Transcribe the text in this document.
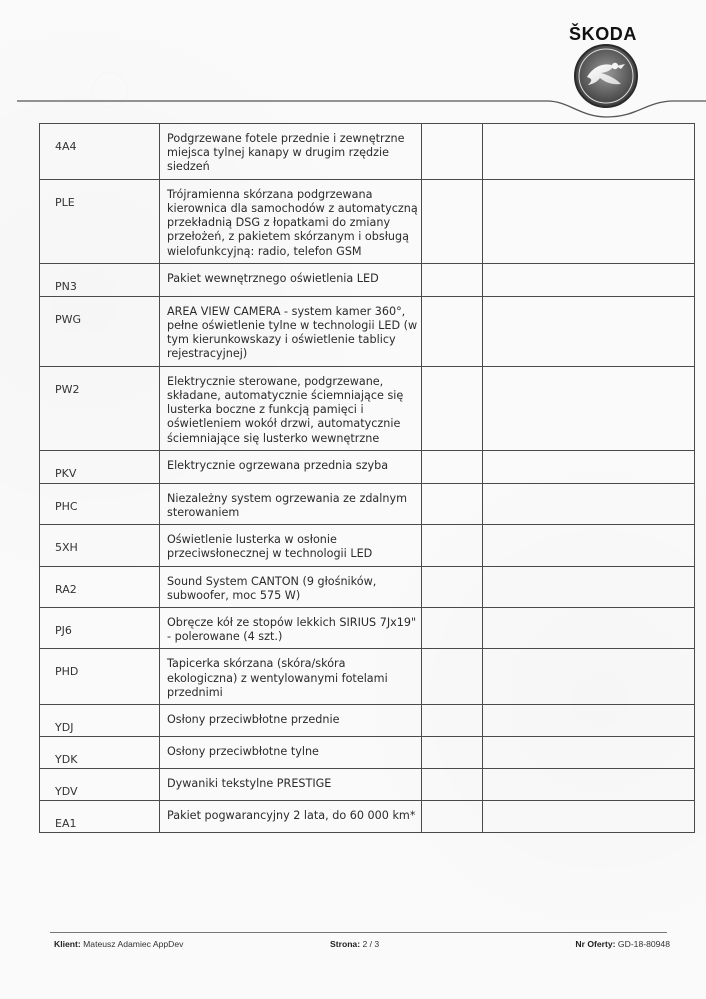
ŠKODA
4A4	Podgrzewane fotele przednie i zewnętrzne miejsca tylnej kanapy w drugim rzędzie siedzeń		
PLE	Trójramienna skórzana podgrzewana kierownica dla samochodów z automatyczną przekładnią DSG z łopatkami do zmiany przełożeń, z pakietem skórzanym i obsługą wielofunkcyjną: radio, telefon GSM		
PN3	Pakiet wewnętrznego oświetlenia LED		
PWG	AREA VIEW CAMERA - system kamer 360°, pełne oświetlenie tylne w technologii LED (w tym kierunkowskazy i oświetlenie tablicy rejestracyjnej)		
PW2	Elektrycznie sterowane, podgrzewane, składane, automatycznie ściemniające się lusterka boczne z funkcją pamięci i oświetleniem wokół drzwi, automatycznie ściemniające się lusterko wewnętrzne		
PKV	Elektrycznie ogrzewana przednia szyba		
PHC	Niezależny system ogrzewania ze zdalnym sterowaniem		
5XH	Oświetlenie lusterka w osłonie przeciwsłonecznej w technologii LED		
RA2	Sound System CANTON (9 głośników, subwoofer, moc 575 W)		
PJ6	Obręcze kół ze stopów lekkich SIRIUS 7Jx19" - polerowane (4 szt.)		
PHD	Tapicerka skórzana (skóra/skóra ekologiczna) z wentylowanymi fotelami przednimi		
YDJ	Osłony przeciwbłotne przednie		
YDK	Osłony przeciwbłotne tylne		
YDV	Dywaniki tekstylne PRESTIGE		
EA1	Pakiet pogwarancyjny 2 lata, do 60 000 km*		
Klient: Mateusz Adamiec AppDev	Strona: 2 / 3	Nr Oferty: GD-18-80948
